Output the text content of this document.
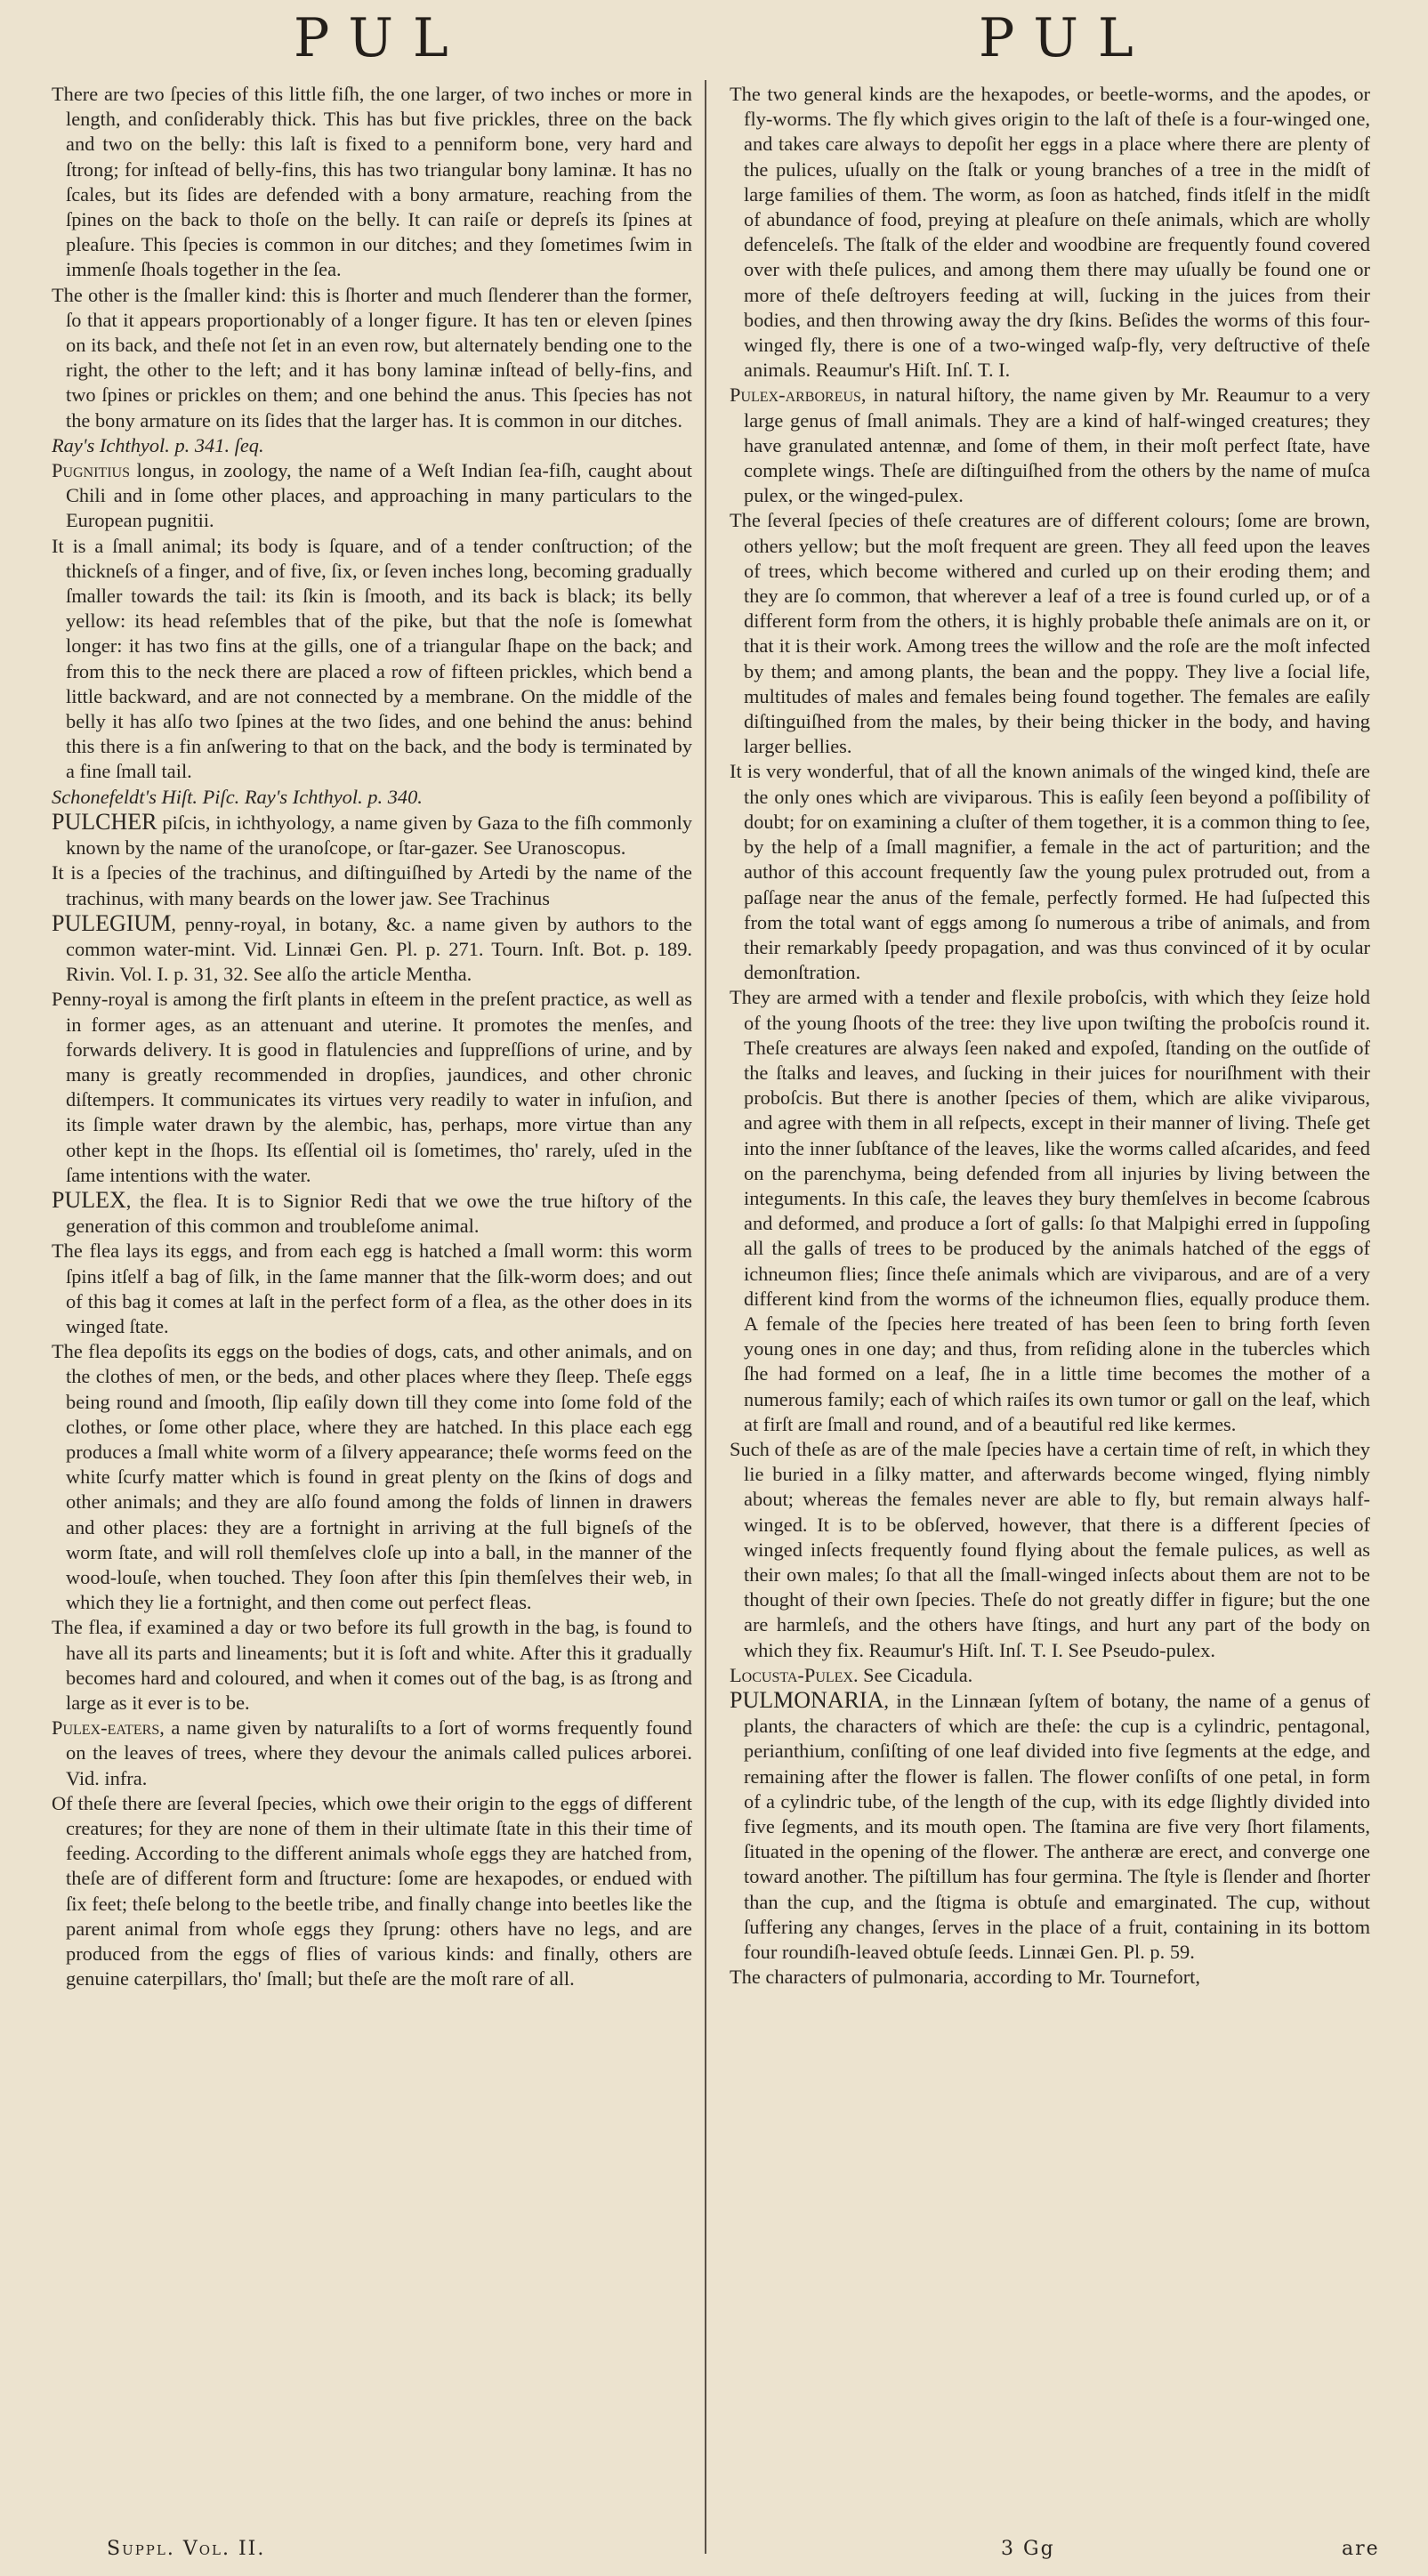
PUL	PUL

There are two ſpecies of this little fiſh, the one larger, of two inches or more in length, and conſiderably thick. This has but five prickles, three on the back and two on the belly: this laſt is fixed to a penniform bone, very hard and ſtrong; for inſtead of belly-fins, this has two triangular bony laminæ. It has no ſcales, but its ſides are defended with a bony armature, reaching from the ſpines on the back to thoſe on the belly. It can raiſe or depreſs its ſpines at pleaſure. This ſpecies is common in our ditches; and they ſometimes ſwim in immenſe ſhoals together in the ſea.

The other is the ſmaller kind: this is ſhorter and much ſlenderer than the former, ſo that it appears proportionably of a longer figure. It has ten or eleven ſpines on its back, and theſe not ſet in an even row, but alternately bending one to the right, the other to the left; and it has bony laminæ inſtead of belly-fins, and two ſpines or prickles on them; and one behind the anus. This ſpecies has not the bony armature on its ſides that the larger has. It is common in our ditches.

Ray's Ichthyol. p. 341. ſeq.

Pugnitius longus, in zoology, the name of a Weſt Indian ſea-fiſh, caught about Chili and in ſome other places, and approaching in many particulars to the European pugnitii.

It is a ſmall animal; its body is ſquare, and of a tender conſtruction; of the thickneſs of a finger, and of five, ſix, or ſeven inches long, becoming gradually ſmaller towards the tail: its ſkin is ſmooth, and its back is black; its belly yellow: its head reſembles that of the pike, but that the noſe is ſomewhat longer: it has two fins at the gills, one of a triangular ſhape on the back; and from this to the neck there are placed a row of fifteen prickles, which bend a little backward, and are not connected by a membrane. On the middle of the belly it has alſo two ſpines at the two ſides, and one behind the anus: behind this there is a fin anſwering to that on the back, and the body is terminated by a fine ſmall tail.

Schonefeldt's Hiſt. Piſc. Ray's Ichthyol. p. 340.

PULCHER piſcis, in ichthyology, a name given by Gaza to the fiſh commonly known by the name of the uranoſcope, or ſtar-gazer. See Uranoscopus.

It is a ſpecies of the trachinus, and diſtinguiſhed by Artedi by the name of the trachinus, with many beards on the lower jaw. See Trachinus

PULEGIUM, penny-royal, in botany, &c. a name given by authors to the common water-mint. Vid. Linnæi Gen. Pl. p. 271. Tourn. Inſt. Bot. p. 189. Rivin. Vol. I. p. 31, 32. See alſo the article Mentha.

Penny-royal is among the firſt plants in eſteem in the preſent practice, as well as in former ages, as an attenuant and uterine. It promotes the menſes, and forwards delivery. It is good in flatulencies and ſuppreſſions of urine, and by many is greatly recommended in dropſies, jaundices, and other chronic diſtempers. It communicates its virtues very readily to water in infuſion, and its ſimple water drawn by the alembic, has, perhaps, more virtue than any other kept in the ſhops. Its eſſential oil is ſometimes, tho' rarely, uſed in the ſame intentions with the water.

PULEX, the flea. It is to Signior Redi that we owe the true hiſtory of the generation of this common and troubleſome animal.

The flea lays its eggs, and from each egg is hatched a ſmall worm: this worm ſpins itſelf a bag of ſilk, in the ſame manner that the ſilk-worm does; and out of this bag it comes at laſt in the perfect form of a flea, as the other does in its winged ſtate.

The flea depoſits its eggs on the bodies of dogs, cats, and other animals, and on the clothes of men, or the beds, and other places where they ſleep. Theſe eggs being round and ſmooth, ſlip eaſily down till they come into ſome fold of the clothes, or ſome other place, where they are hatched. In this place each egg produces a ſmall white worm of a ſilvery appearance; theſe worms feed on the white ſcurfy matter which is found in great plenty on the ſkins of dogs and other animals; and they are alſo found among the folds of linnen in drawers and other places: they are a fortnight in arriving at the full bigneſs of the worm ſtate, and will roll themſelves cloſe up into a ball, in the manner of the wood-louſe, when touched. They ſoon after this ſpin themſelves their web, in which they lie a fortnight, and then come out perfect fleas.

The flea, if examined a day or two before its full growth in the bag, is found to have all its parts and lineaments; but it is ſoft and white. After this it gradually becomes hard and coloured, and when it comes out of the bag, is as ſtrong and large as it ever is to be.

Pulex-eaters, a name given by naturaliſts to a ſort of worms frequently found on the leaves of trees, where they devour the animals called pulices arborei. Vid. infra.

Of theſe there are ſeveral ſpecies, which owe their origin to the eggs of different creatures; for they are none of them in their ultimate ſtate in this their time of feeding. According to the different animals whoſe eggs they are hatched from, theſe are of different form and ſtructure: ſome are hexapodes, or endued with ſix feet; theſe belong to the beetle tribe, and finally change into beetles like the parent animal from whoſe eggs they ſprung: others have no legs, and are produced from the eggs of flies of various kinds: and finally, others are genuine caterpillars, tho' ſmall; but theſe are the moſt rare of all.

The two general kinds are the hexapodes, or beetle-worms, and the apodes, or fly-worms. The fly which gives origin to the laſt of theſe is a four-winged one, and takes care always to depoſit her eggs in a place where there are plenty of the pulices, uſually on the ſtalk or young branches of a tree in the midſt of large families of them. The worm, as ſoon as hatched, finds itſelf in the midſt of abundance of food, preying at pleaſure on theſe animals, which are wholly defenceleſs. The ſtalk of the elder and woodbine are frequently found covered over with theſe pulices, and among them there may uſually be found one or more of theſe deſtroyers feeding at will, ſucking in the juices from their bodies, and then throwing away the dry ſkins. Beſides the worms of this four-winged fly, there is one of a two-winged waſp-fly, very deſtructive of theſe animals. Reaumur's Hiſt. Inſ. T. I.

Pulex-arboreus, in natural hiſtory, the name given by Mr. Reaumur to a very large genus of ſmall animals. They are a kind of half-winged creatures; they have granulated antennæ, and ſome of them, in their moſt perfect ſtate, have complete wings. Theſe are diſtinguiſhed from the others by the name of muſca pulex, or the winged-pulex.

The ſeveral ſpecies of theſe creatures are of different colours; ſome are brown, others yellow; but the moſt frequent are green. They all feed upon the leaves of trees, which become withered and curled up on their eroding them; and they are ſo common, that wherever a leaf of a tree is found curled up, or of a different form from the others, it is highly probable theſe animals are on it, or that it is their work. Among trees the willow and the roſe are the moſt infected by them; and among plants, the bean and the poppy. They live a ſocial life, multitudes of males and females being found together. The females are eaſily diſtinguiſhed from the males, by their being thicker in the body, and having larger bellies.

It is very wonderful, that of all the known animals of the winged kind, theſe are the only ones which are viviparous. This is eaſily ſeen beyond a poſſibility of doubt; for on examining a cluſter of them together, it is a common thing to ſee, by the help of a ſmall magnifier, a female in the act of parturition; and the author of this account frequently ſaw the young pulex protruded out, from a paſſage near the anus of the female, perfectly formed. He had ſuſpected this from the total want of eggs among ſo numerous a tribe of animals, and from their remarkably ſpeedy propagation, and was thus convinced of it by ocular demonſtration.

They are armed with a tender and flexile proboſcis, with which they ſeize hold of the young ſhoots of the tree: they live upon twiſting the proboſcis round it. Theſe creatures are always ſeen naked and expoſed, ſtanding on the outſide of the ſtalks and leaves, and ſucking in their juices for nouriſhment with their proboſcis. But there is another ſpecies of them, which are alike viviparous, and agree with them in all reſpects, except in their manner of living. Theſe get into the inner ſubſtance of the leaves, like the worms called aſcarides, and feed on the parenchyma, being defended from all injuries by living between the integuments. In this caſe, the leaves they bury themſelves in become ſcabrous and deformed, and produce a ſort of galls: ſo that Malpighi erred in ſuppoſing all the galls of trees to be produced by the animals hatched of the eggs of ichneumon flies; ſince theſe animals which are viviparous, and are of a very different kind from the worms of the ichneumon flies, equally produce them. A female of the ſpecies here treated of has been ſeen to bring forth ſeven young ones in one day; and thus, from reſiding alone in the tubercles which ſhe had formed on a leaf, ſhe in a little time becomes the mother of a numerous family; each of which raiſes its own tumor or gall on the leaf, which at firſt are ſmall and round, and of a beautiful red like kermes.

Such of theſe as are of the male ſpecies have a certain time of reſt, in which they lie buried in a ſilky matter, and afterwards become winged, flying nimbly about; whereas the females never are able to fly, but remain always half-winged. It is to be obſerved, however, that there is a different ſpecies of winged inſects frequently found flying about the female pulices, as well as their own males; ſo that all the ſmall-winged inſects about them are not to be thought of their own ſpecies. Theſe do not greatly differ in figure; but the one are harmleſs, and the others have ſtings, and hurt any part of the body on which they fix. Reaumur's Hiſt. Inſ. T. I. See Pseudo-pulex.

Locuſta-Pulex. See Cicadula.

PULMONARIA, in the Linnæan ſyſtem of botany, the name of a genus of plants, the characters of which are theſe: the cup is a cylindric, pentagonal, perianthium, conſiſting of one leaf divided into five ſegments at the edge, and remaining after the flower is fallen. The flower conſiſts of one petal, in form of a cylindric tube, of the length of the cup, with its edge ſlightly divided into five ſegments, and its mouth open. The ſtamina are five very ſhort filaments, ſituated in the opening of the flower. The antheræ are erect, and converge one toward another. The piſtillum has four germina. The ſtyle is ſlender and ſhorter than the cup, and the ſtigma is obtuſe and emarginated. The cup, without ſuffering any changes, ſerves in the place of a fruit, containing in its bottom four roundiſh-leaved obtuſe ſeeds. Linnæi Gen. Pl. p. 59.

The characters of pulmonaria, according to Mr. Tournefort,

Suppl. Vol. II.	3 Gg	are
